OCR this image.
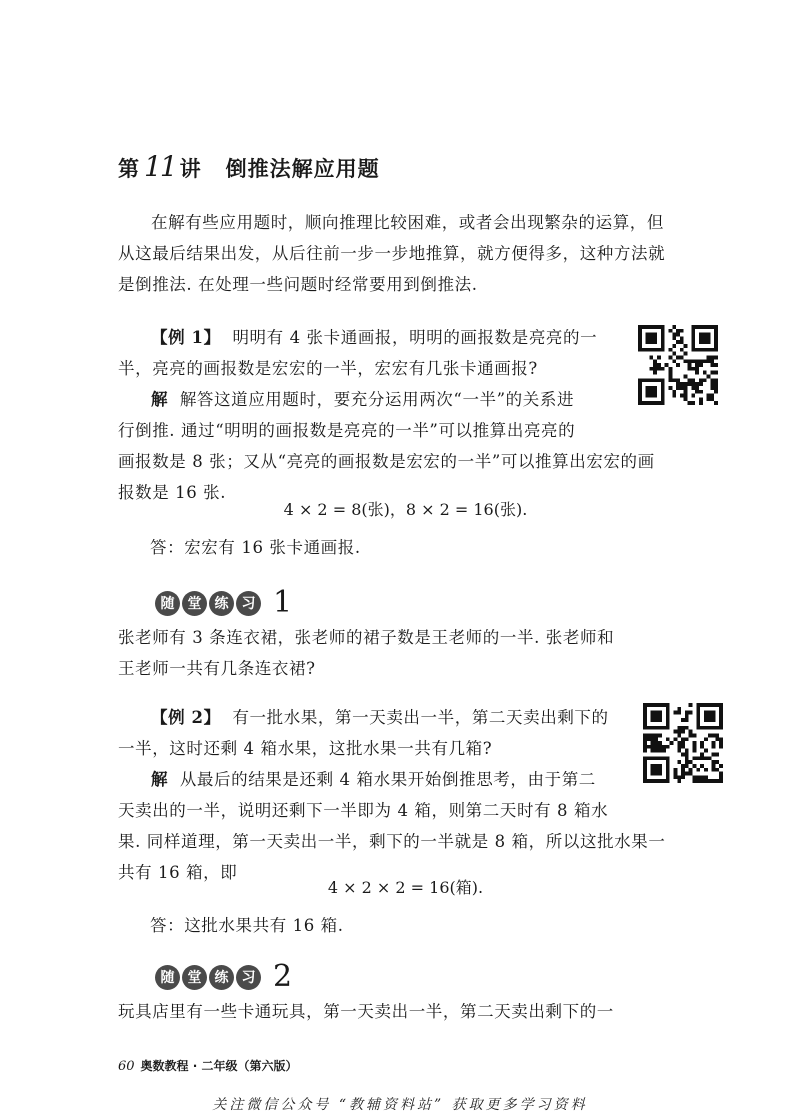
第 11 讲 倒推法解应用题

在解有些应用题时，顺向推理比较困难，或者会出现繁杂的运算，但

从这最后结果出发，从后往前一步一步地推算，就方便得多，这种方法就

是倒推法. 在处理一些问题时经常要用到倒推法.

【例 1】 明明有 4 张卡通画报，明明的画报数是亮亮的一

半，亮亮的画报数是宏宏的一半，宏宏有几张卡通画报?

解 解答这道应用题时，要充分运用两次“一半”的关系进

行倒推. 通过“明明的画报数是亮亮的一半”可以推算出亮亮的

画报数是 8 张；又从“亮亮的画报数是宏宏的一半”可以推算出宏宏的画

报数是 16 张.

4 × 2 = 8(张)，8 × 2 = 16(张).
答：宏宏有 16 张卡通画报.
随 堂 练 习 1

张老师有 3 条连衣裙，张老师的裙子数是王老师的一半. 张老师和

王老师一共有几条连衣裙?

【例 2】 有一批水果，第一天卖出一半，第二天卖出剩下的

一半，这时还剩 4 箱水果，这批水果一共有几箱?

解 从最后的结果是还剩 4 箱水果开始倒推思考，由于第二

天卖出的一半，说明还剩下一半即为 4 箱，则第二天时有 8 箱水

果. 同样道理，第一天卖出一半，剩下的一半就是 8 箱，所以这批水果一

共有 16 箱，即

4 × 2 × 2 = 16(箱).
答：这批水果共有 16 箱.
随 堂 练 习 2

玩具店里有一些卡通玩具，第一天卖出一半，第二天卖出剩下的一

60 奥数教程 · 二年级（第六版）
关注微信公众号 “教辅资料站” 获取更多学习资料
